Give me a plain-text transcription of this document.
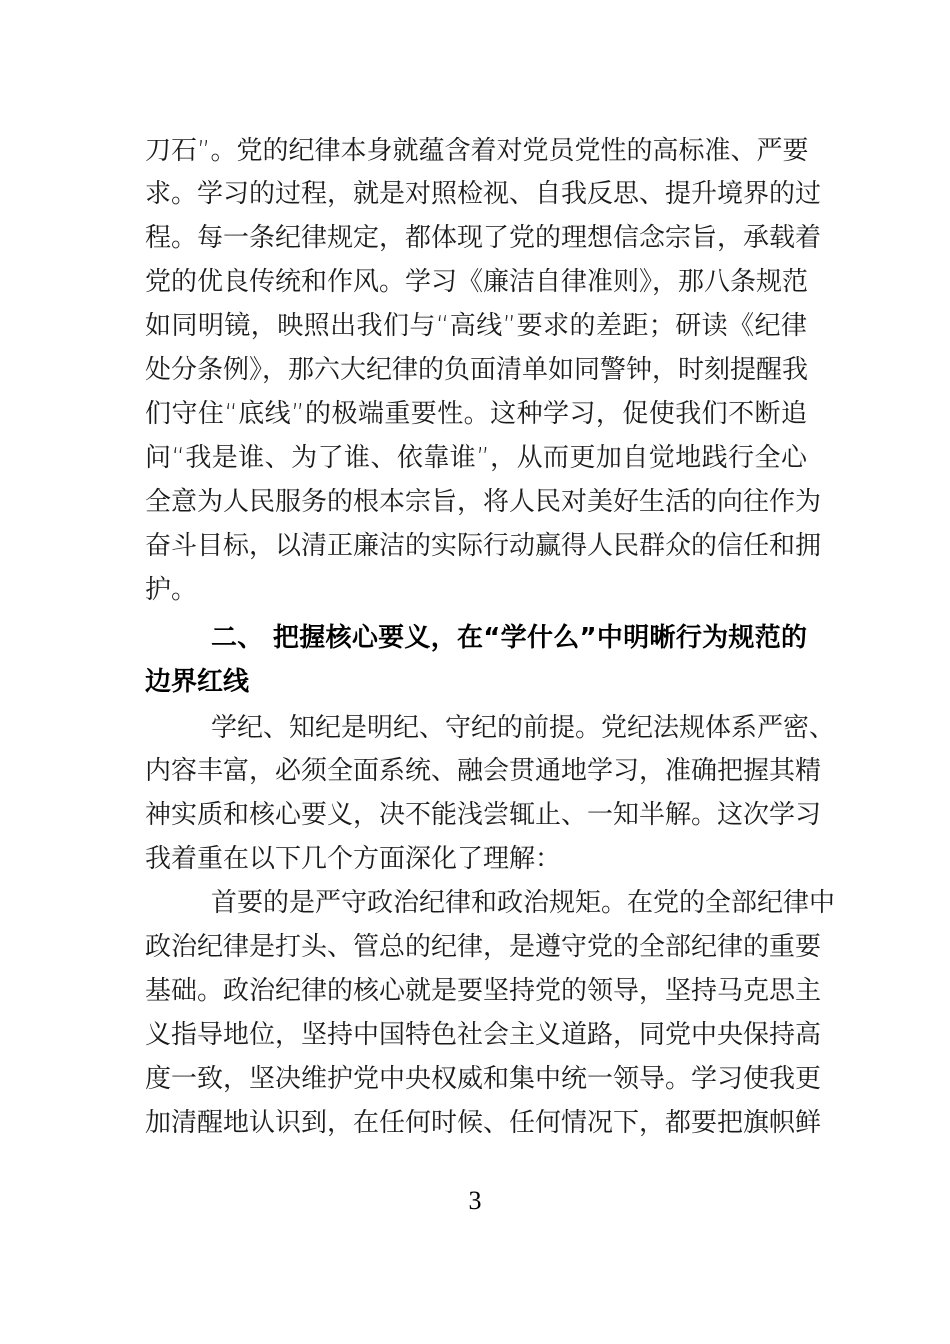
刀石”。党的纪律本身就蕴含着对党员党性的高标准、严要
求。学习的过程，就是对照检视、自我反思、提升境界的过
程。每一条纪律规定，都体现了党的理想信念宗旨，承载着
党的优良传统和作风。学习《廉洁自律准则》，那八条规范
如同明镜，映照出我们与“高线”要求的差距；研读《纪律
处分条例》，那六大纪律的负面清单如同警钟，时刻提醒我
们守住“底线”的极端重要性。这种学习，促使我们不断追
问“我是谁、为了谁、依靠谁”，从而更加自觉地践行全心
全意为人民服务的根本宗旨，将人民对美好生活的向往作为
奋斗目标，以清正廉洁的实际行动赢得人民群众的信任和拥
护。
二、 把握核心要义，在“学什么”中明晰行为规范的
边界红线
学纪、知纪是明纪、守纪的前提。党纪法规体系严密、
内容丰富，必须全面系统、融会贯通地学习，准确把握其精
神实质和核心要义，决不能浅尝辄止、一知半解。这次学习
我着重在以下几个方面深化了理解：
首要的是严守政治纪律和政治规矩。在党的全部纪律中
政治纪律是打头、管总的纪律，是遵守党的全部纪律的重要
基础。政治纪律的核心就是要坚持党的领导，坚持马克思主
义指导地位，坚持中国特色社会主义道路，同党中央保持高
度一致，坚决维护党中央权威和集中统一领导。学习使我更
加清醒地认识到，在任何时候、任何情况下，都要把旗帜鲜
3
